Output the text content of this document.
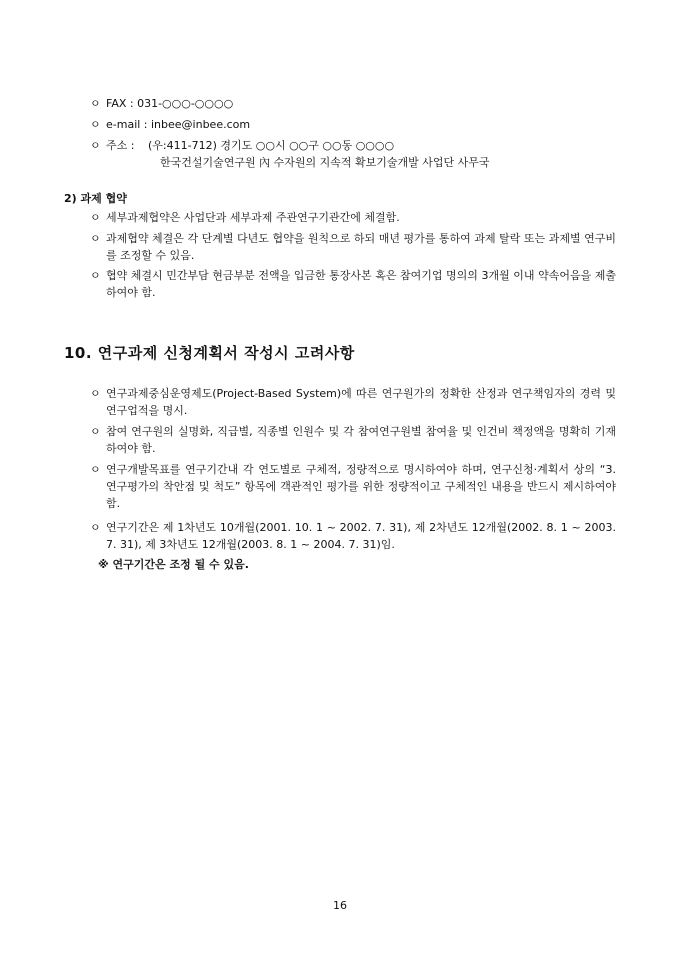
ㅇ FAX : 031-○○○-○○○○
ㅇ e-mail : inbee@inbee.com
ㅇ 주소 : (우:411-712) 경기도 ○○시 ○○구 ○○동 ○○○○
한국건설기술연구원 內 수자원의 지속적 확보기술개발 사업단 사무국
2) 과제 협약
ㅇ 세부과제협약은 사업단과 세부과제 주관연구기관간에 체결함.
ㅇ 과제협약 체결은 각 단계별 다년도 협약을 원칙으로 하되 매년 평가를 통하여 과제 탈락 또는 과제별 연구비를 조정할 수 있음.
ㅇ 협약 체결시 민간부담 현금부분 전액을 입금한 통장사본 혹은 참여기업 명의의 3개월 이내 약속어음을 제출하여야 함.
10. 연구과제 신청계획서 작성시 고려사항
ㅇ 연구과제중심운영제도(Project-Based System)에 따른 연구원가의 정확한 산정과 연구책임자의 경력 및 연구업적을 명시.
ㅇ 참여 연구원의 실명화, 직급별, 직종별 인원수 및 각 참여연구원별 참여율 및 인건비 책정액을 명확히 기재하여야 함.
ㅇ 연구개발목표를 연구기간내 각 연도별로 구체적, 정량적으로 명시하여야 하며, 연구신청·계획서 상의 “3. 연구평가의 착안점 및 척도” 항목에 객관적인 평가를 위한 정량적이고 구체적인 내용을 반드시 제시하여야 함.
ㅇ 연구기간은 제 1차년도 10개월(2001. 10. 1 ~ 2002. 7. 31), 제 2차년도 12개월(2002. 8. 1 ~ 2003. 7. 31), 제 3차년도 12개월(2003. 8. 1 ~ 2004. 7. 31)임.
※ 연구기간은 조정 될 수 있음.
16
